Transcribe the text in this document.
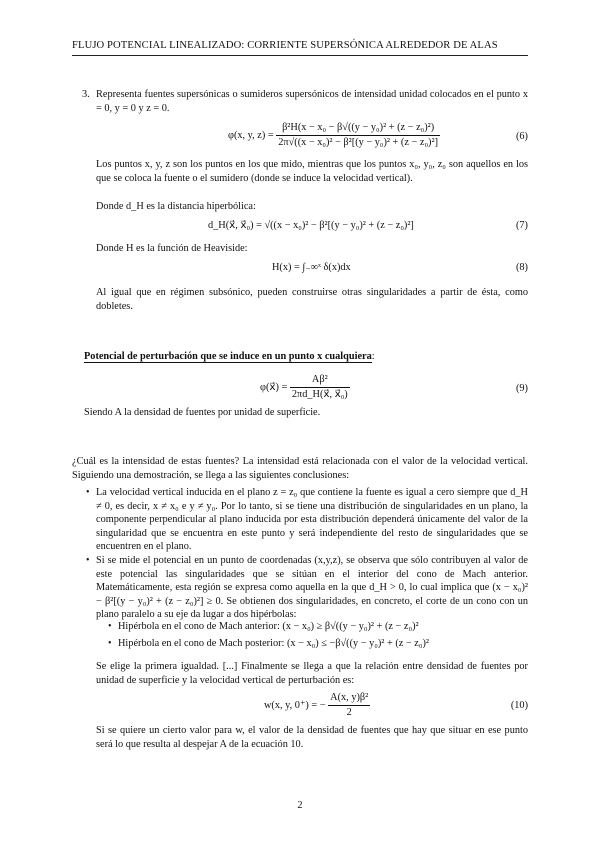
FLUJO POTENCIAL LINEALIZADO: CORRIENTE SUPERSÓNICA ALREDEDOR DE ALAS
3. Representa fuentes supersónicas o sumideros supersónicos de intensidad unidad colocados en el punto x = 0, y = 0 y z = 0.
φ(x, y, $z) = \frac{\text{β²H(x − x₀ − β√((y − y₀)² + (z − z₀)²)}}{\text{2π√((x − x₀)² − β²[(y − y₀)² + (z − z₀)²]}}$	(6)
Los puntos x, y, z son los puntos en los que mido, mientras que los puntos x₀, y₀, z₀ son aquellos en los que se coloca la fuente o el sumidero (donde se induce la velocidad vertical).
Donde d_H es la distancia hiperbólica:
d_H(x⃗, x⃗₀) = √((x − x₀)² − β²[(y − y₀)² + (z − z₀)²]	(7)
Donde H es la función de Heaviside:
H(x) = ∫₋∞ˣ δ(x)dx	(8)
Al igual que en régimen subsónico, pueden construirse otras singularidades a partir de ésta, como dobletes.
Potencial de perturbación que se induce en un punto x cualquiera:
φ(x⃗) = $\frac{\text{Aβ²}}{\text{2πd\_H(x⃗, x⃗₀)}}$	(9)
Siendo A la densidad de fuentes por unidad de superficie.
¿Cuál es la intensidad de estas fuentes? La intensidad está relacionada con el valor de la velocidad vertical. Siguiendo una demostración, se llega a las siguientes conclusiones:
• La velocidad vertical inducida en el plano z = z₀ que contiene la fuente es igual a cero siempre que d_H ≠ 0, es decir, x ≠ x₀ e y ≠ y₀. Por lo tanto, si se tiene una distribución de singularidades en un plano, la componente perpendicular al plano inducida por esta distribución dependerá únicamente del valor de la singularidad que se encuentra en este punto y será independiente del resto de singularidades que se encuentren en el plano.
• Si se mide el potencial en un punto de coordenadas (x,y,z), se observa que sólo contribuyen al valor de este potencial las singularidades que se sitúan en el interior del cono de Mach anterior. Matemáticamente, esta región se expresa como aquella en la que d_H > 0, lo cual implica que (x − x₀)² − β²[(y − y₀)² + (z − z₀)²] ≥ 0. Se obtienen dos singularidades, en concreto, el corte de un cono con un plano paralelo a su eje da lugar a dos hipérbolas:
• Hipérbola en el cono de Mach anterior: (x − x₀) ≥ β√((y − y₀)² + (z − z₀)²
• Hipérbola en el cono de Mach posterior: (x − x₀) ≤ −β√((y − y₀)² + (z − z₀)²
Se elige la primera igualdad. [...] Finalmente se llega a que la relación entre densidad de fuentes por unidad de superficie y la velocidad vertical de perturbación es:
w(x, y, 0⁺) = − $\frac{\text{A(x, y)β²}}{2}$	(10)
Si se quiere un cierto valor para w, el valor de la densidad de fuentes que hay que situar en ese punto será lo que resulta al despejar A de la ecuación 10.
2
